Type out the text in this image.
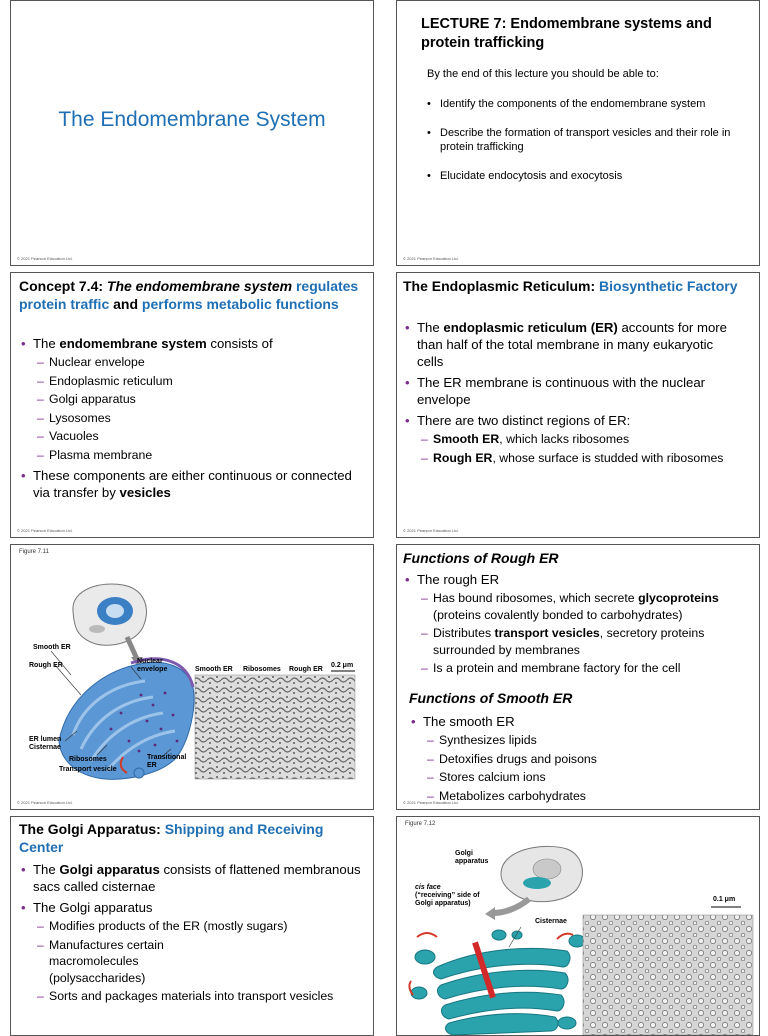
The Endomembrane System
© 2021 Pearson Education Ltd.
LECTURE 7: Endomembrane systems and protein trafficking
By the end of this lecture you should be able to:
• Identify the components of the endomembrane system
• Describe the formation of transport vesicles and their role in protein trafficking
• Elucidate endocytosis and exocytosis
© 2021 Pearson Education Ltd.

Concept 7.4: The endomembrane system regulates protein traffic and performs metabolic functions

• The endomembrane system consists of
– Nuclear envelope
– Endoplasmic reticulum
– Golgi apparatus
– Lysosomes
– Vacuoles
– Plasma membrane
• These components are either continuous or connected via transfer by vesicles
© 2021 Pearson Education Ltd.

The Endoplasmic Reticulum: Biosynthetic Factory

• The endoplasmic reticulum (ER) accounts for more than half of the total membrane in many eukaryotic cells
• The ER membrane is continuous with the nuclear envelope
• There are two distinct regions of ER:
– Smooth ER, which lacks ribosomes
– Rough ER, whose surface is studded with ribosomes
© 2021 Pearson Education Ltd.
Figure 7.11
Smooth ER
Rough ER
Nuclear
envelope
ER lumen
Cisternae
Ribosomes
Transport vesicle
Transitional
ER
Smooth ER Ribosomes Rough ER
0.2 μm
© 2021 Pearson Education Ltd.
Functions of Rough ER
• The rough ER
– Has bound ribosomes, which secrete glycoproteins (proteins covalently bonded to carbohydrates)
– Distributes transport vesicles, secretory proteins surrounded by membranes
– Is a protein and membrane factory for the cell
Functions of Smooth ER
• The smooth ER
– Synthesizes lipids
– Detoxifies drugs and poisons
– Stores calcium ions
– Metabolizes carbohydrates
© 2021 Pearson Education Ltd.

The Golgi Apparatus: Shipping and Receiving Center

• The Golgi apparatus consists of flattened membranous sacs called cisternae
• The Golgi apparatus
– Modifies products of the ER (mostly sugars)
– Manufactures certain macromolecules (polysaccharides)
– Sorts and packages materials into transport vesicles
Figure 7.12
Golgi
apparatus
cis face
(“receiving” side of
Golgi apparatus)
Cisternae
0.1 μm
